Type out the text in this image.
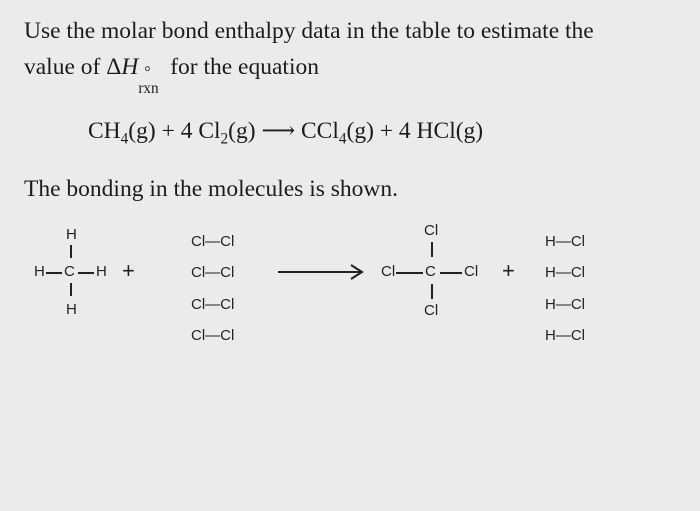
Use the molar bond enthalpy data in the table to estimate the
value of ΔH °
rxn
for the equation
$CH_4(g) + 4$ $Cl_2(g)$ ⟶ CCl$_4$(g) + 4 HCl(g)
The bonding in the molecules is shown.
H
H C H
H
+
Cl—Cl
Cl—Cl
Cl—Cl
Cl—Cl
Cl
Cl C Cl
Cl
+
H—Cl
H—Cl
H—Cl
H—Cl
